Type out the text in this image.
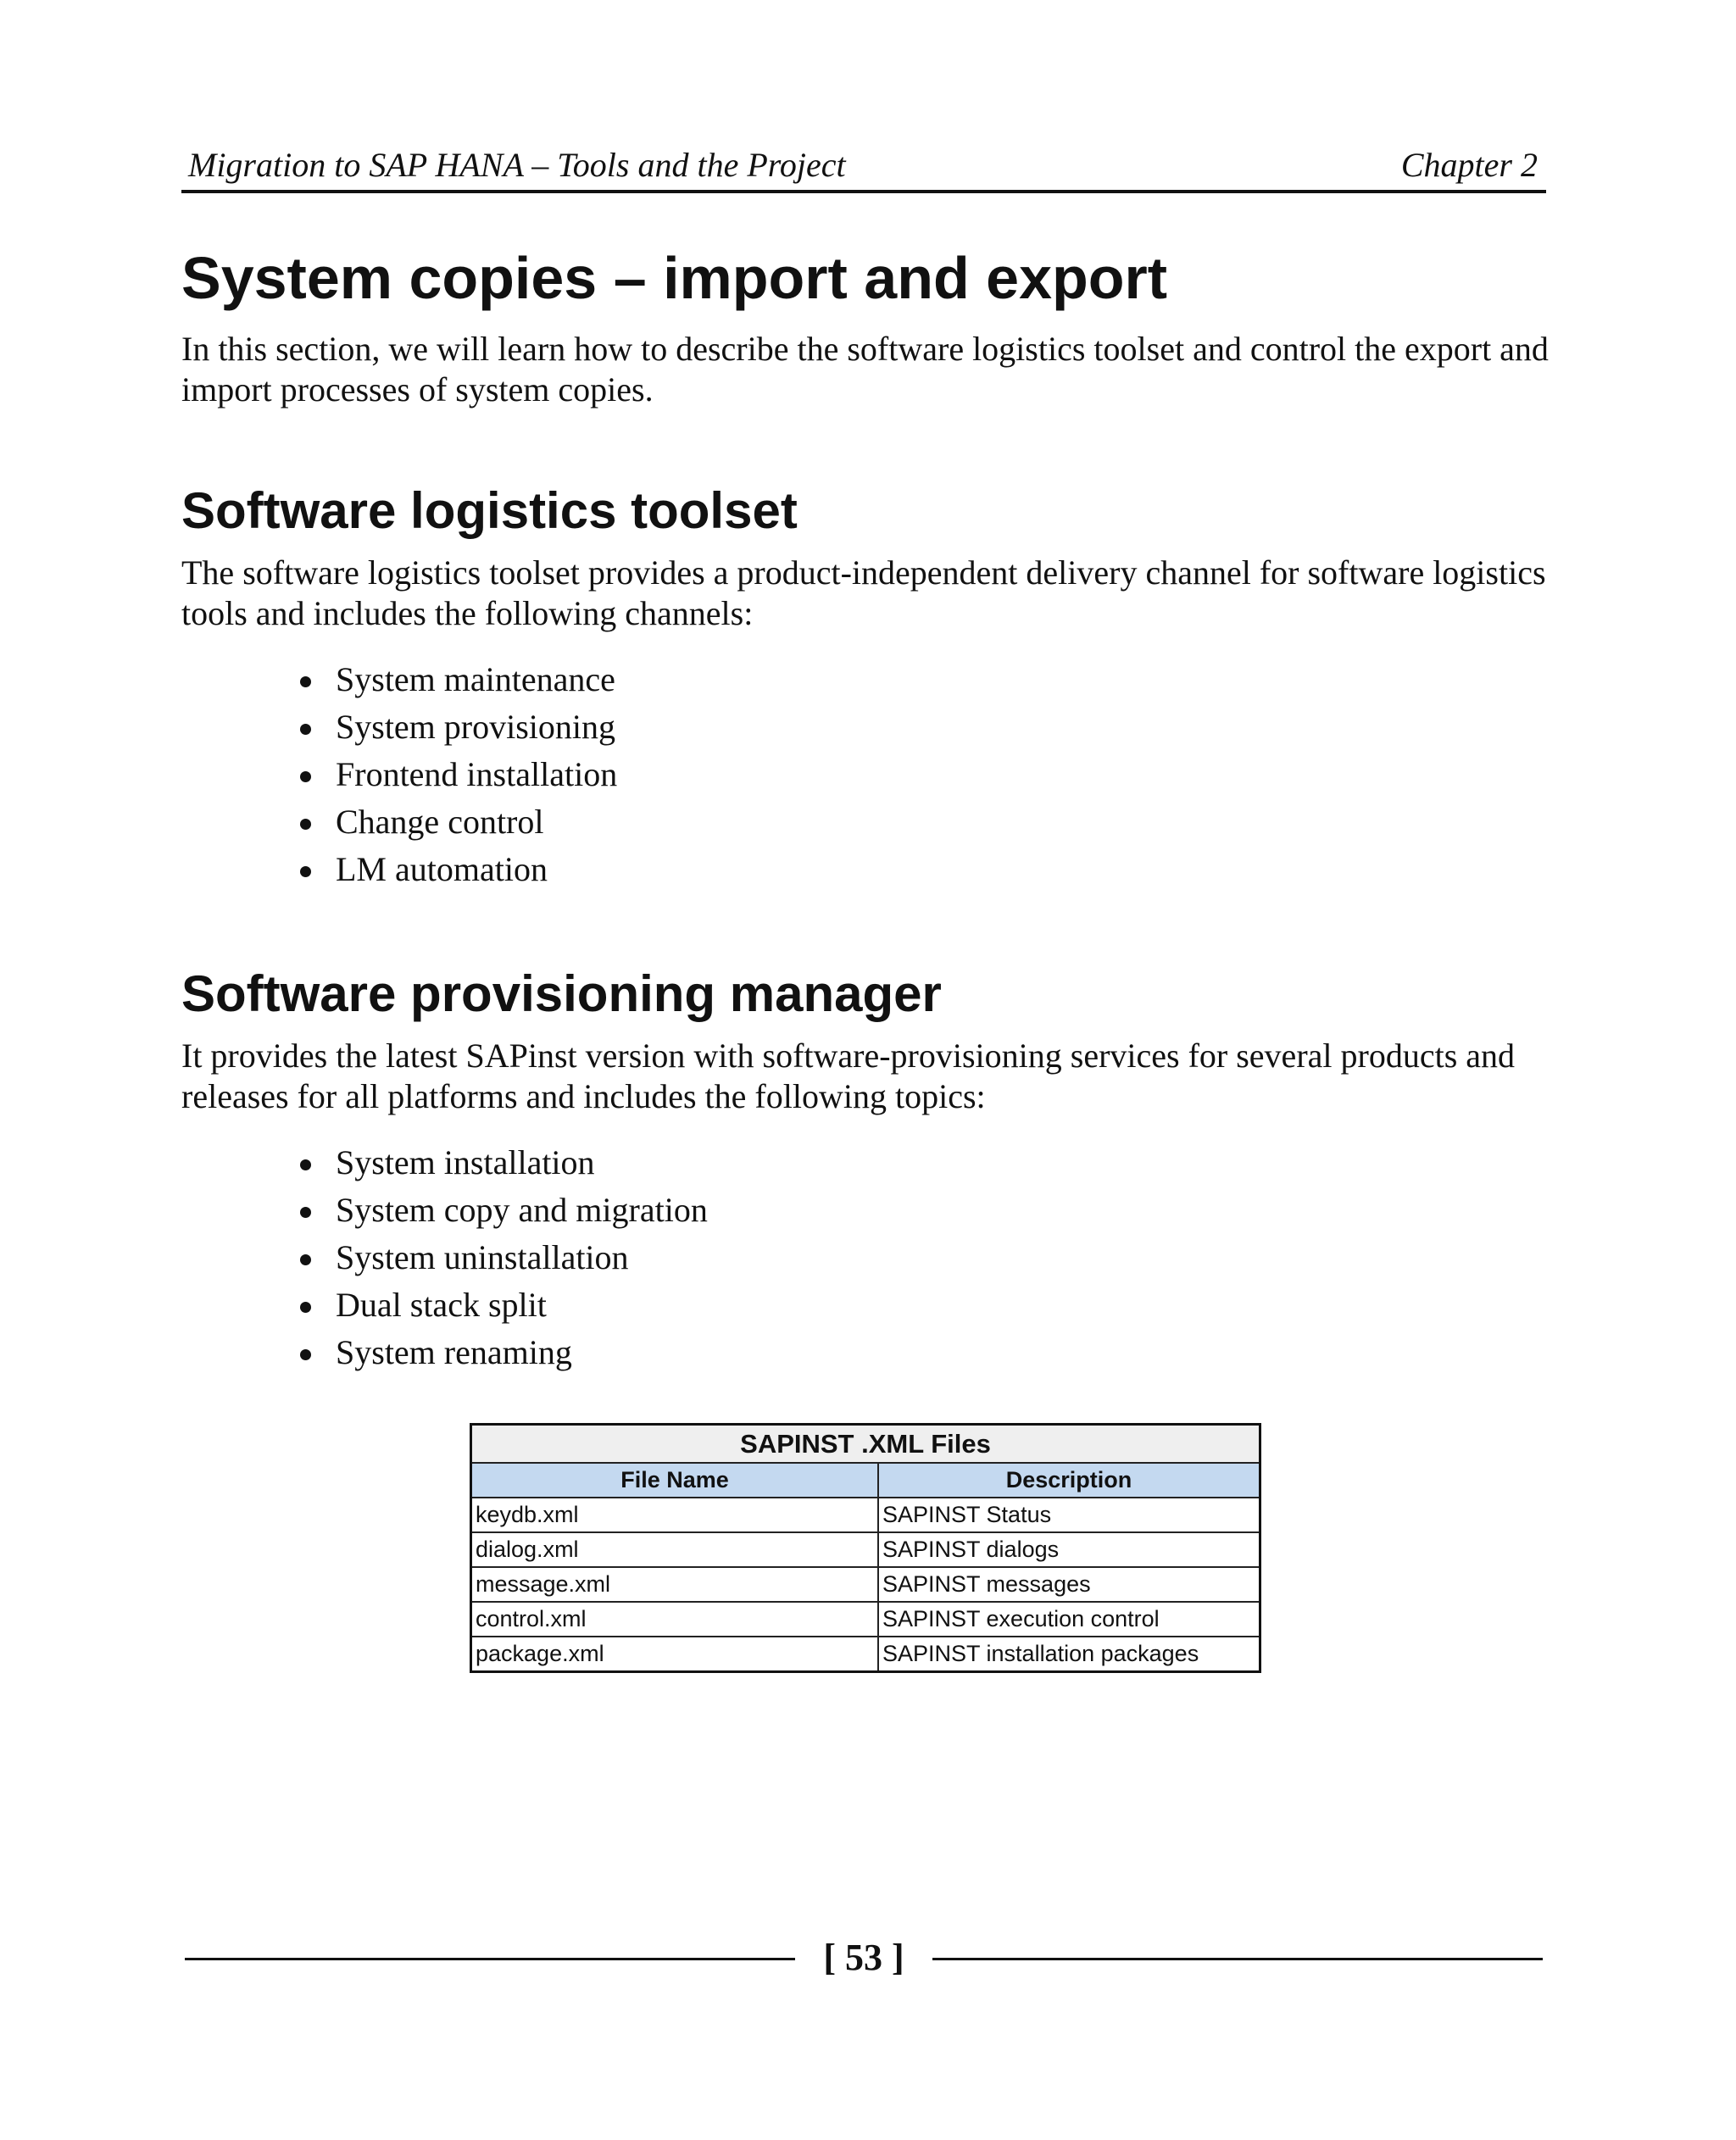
Migration to SAP HANA – Tools and the Project	Chapter 2
System copies – import and export

In this section, we will learn how to describe the software logistics toolset and control the export and import processes of system copies.

Software logistics toolset

The software logistics toolset provides a product-independent delivery channel for software logistics tools and includes the following channels:

System maintenance
System provisioning
Frontend installation
Change control
LM automation
Software provisioning manager

It provides the latest SAPinst version with software-provisioning services for several products and releases for all platforms and includes the following topics:

System installation
System copy and migration
System uninstallation
Dual stack split
System renaming
SAPINST .XML Files	
File Name	Description
keydb.xml	SAPINST Status
dialog.xml	SAPINST dialogs
message.xml	SAPINST messages
control.xml	SAPINST execution control
package.xml	SAPINST installation packages
[ 53 ]
